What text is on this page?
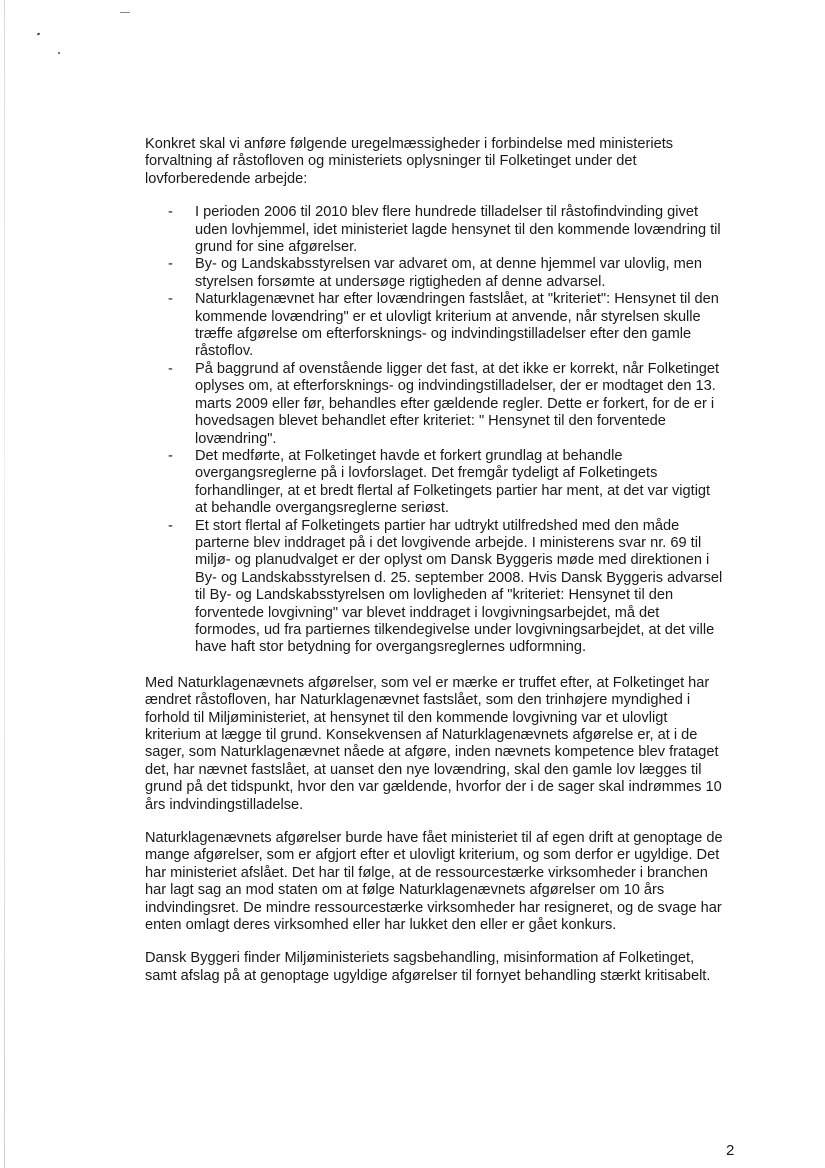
Konkret skal vi anføre følgende uregelmæssigheder i forbindelse med ministeriets forvaltning af råstofloven og ministeriets oplysninger til Folketinget under det lovforberedende arbejde:

- I perioden 2006 til 2010 blev flere hundrede tilladelser til råstofindvinding givet uden lovhjemmel, idet ministeriet lagde hensynet til den kommende lovændring til grund for sine afgørelser.
- By- og Landskabsstyrelsen var advaret om, at denne hjemmel var ulovlig, men styrelsen forsømte at undersøge rigtigheden af denne advarsel.
- Naturklagenævnet har efter lovændringen fastslået, at "kriteriet": Hensynet til den kommende lovændring" er et ulovligt kriterium at anvende, når styrelsen skulle træffe afgørelse om efterforsknings- og indvindingstilladelser efter den gamle råstoflov.
- På baggrund af ovenstående ligger det fast, at det ikke er korrekt, når Folketinget oplyses om, at efterforsknings- og indvindingstilladelser, der er modtaget den 13. marts 2009 eller før, behandles efter gældende regler. Dette er forkert, for de er i hovedsagen blevet behandlet efter kriteriet: " Hensynet til den forventede lovændring".
- Det medførte, at Folketinget havde et forkert grundlag at behandle overgangsreglerne på i lovforslaget. Det fremgår tydeligt af Folketingets forhandlinger, at et bredt flertal af Folketingets partier har ment, at det var vigtigt at behandle overgangsreglerne seriøst.
- Et stort flertal af Folketingets partier har udtrykt utilfredshed med den måde parterne blev inddraget på i det lovgivende arbejde. I ministerens svar nr. 69 til miljø- og planudvalget er der oplyst om Dansk Byggeris møde med direktionen i By- og Landskabsstyrelsen d. 25. september 2008. Hvis Dansk Byggeris advarsel til By- og Landskabsstyrelsen om lovligheden af "kriteriet: Hensynet til den forventede lovgivning" var blevet inddraget i lovgivningsarbejdet, må det formodes, ud fra partiernes tilkendegivelse under lovgivningsarbejdet, at det ville have haft stor betydning for overgangsreglernes udformning.

Med Naturklagenævnets afgørelser, som vel er mærke er truffet efter, at Folketinget har ændret råstofloven, har Naturklagenævnet fastslået, som den trinhøjere myndighed i forhold til Miljøministeriet, at hensynet til den kommende lovgivning var et ulovligt kriterium at lægge til grund. Konsekvensen af Naturklagenævnets afgørelse er, at i de sager, som Naturklagenævnet nåede at afgøre, inden nævnets kompetence blev frataget det, har nævnet fastslået, at uanset den nye lovændring, skal den gamle lov lægges til grund på det tidspunkt, hvor den var gældende, hvorfor der i de sager skal indrømmes 10 års indvindingstilladelse.

Naturklagenævnets afgørelser burde have fået ministeriet til af egen drift at genoptage de mange afgørelser, som er afgjort efter et ulovligt kriterium, og som derfor er ugyldige. Det har ministeriet afslået. Det har til følge, at de ressourcestærke virksomheder i branchen har lagt sag an mod staten om at følge Naturklagenævnets afgørelser om 10 års indvindingsret. De mindre ressourcestærke virksomheder har resigneret, og de svage har enten omlagt deres virksomhed eller har lukket den eller er gået konkurs.

Dansk Byggeri finder Miljøministeriets sagsbehandling, misinformation af Folketinget, samt afslag på at genoptage ugyldige afgørelser til fornyet behandling stærkt kritisabelt.

2
